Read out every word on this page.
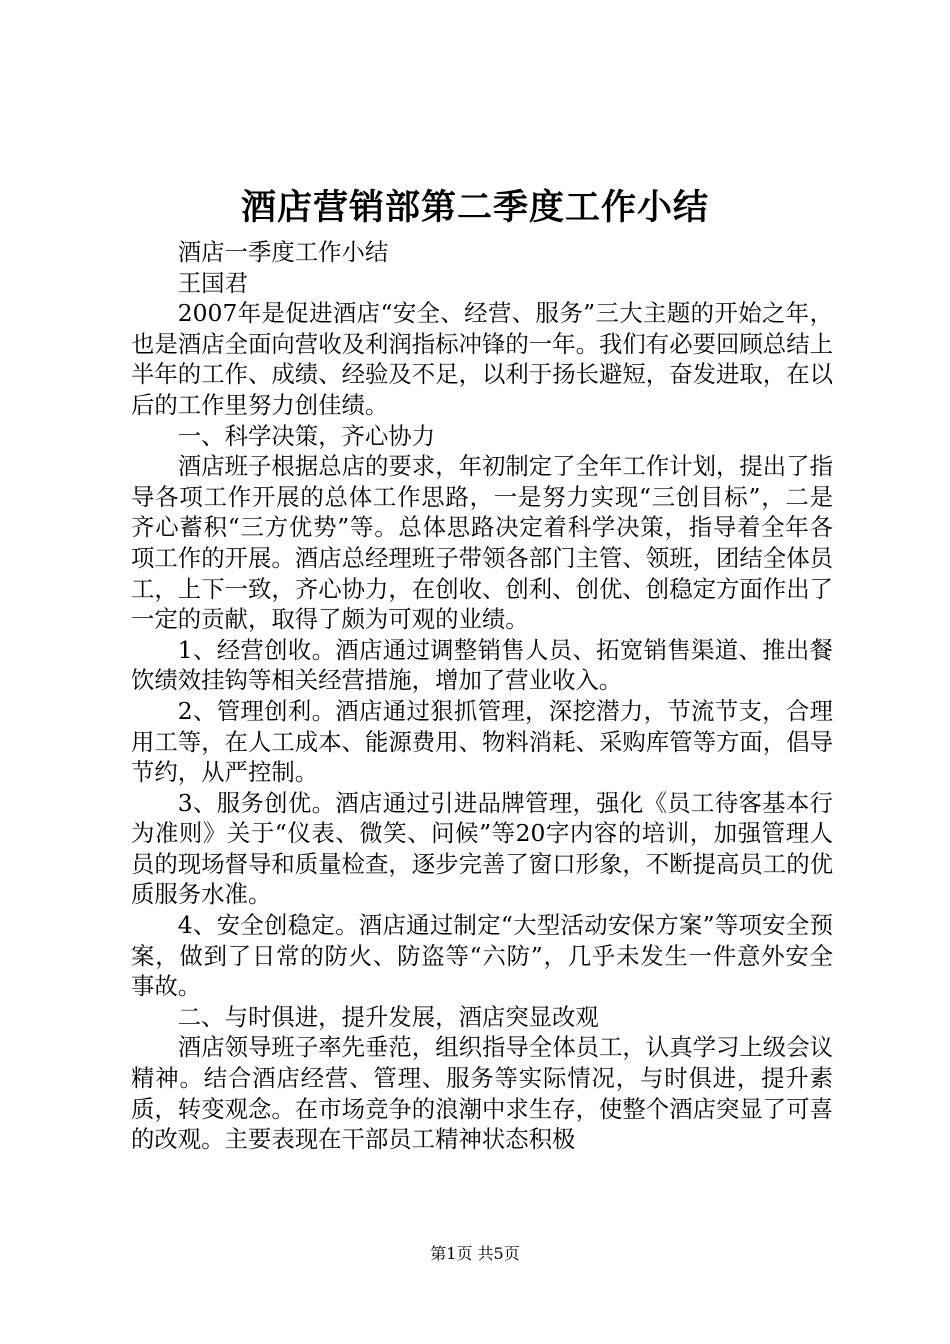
酒店营销部第二季度工作小结

酒店一季度工作小结

王国君

2007年是促进酒店“安全、经营、服务”三大主题的开始之年，也是酒店全面向营收及利润指标冲锋的一年。我们有必要回顾总结上半年的工作、成绩、经验及不足，以利于扬长避短，奋发进取，在以后的工作里努力创佳绩。

一、科学决策，齐心协力

酒店班子根据总店的要求，年初制定了全年工作计划，提出了指导各项工作开展的总体工作思路，一是努力实现“三创目标”，二是齐心蓄积“三方优势”等。总体思路决定着科学决策，指导着全年各项工作的开展。酒店总经理班子带领各部门主管、领班，团结全体员工，上下一致，齐心协力，在创收、创利、创优、创稳定方面作出了一定的贡献，取得了颇为可观的业绩。

1、经营创收。酒店通过调整销售人员、拓宽销售渠道、推出餐饮绩效挂钩等相关经营措施，增加了营业收入。

2、管理创利。酒店通过狠抓管理，深挖潜力，节流节支，合理用工等，在人工成本、能源费用、物料消耗、采购库管等方面，倡导节约，从严控制。

3、服务创优。酒店通过引进品牌管理，强化《员工待客基本行为准则》关于“仪表、微笑、问候”等20字内容的培训，加强管理人员的现场督导和质量检查，逐步完善了窗口形象，不断提高员工的优质服务水准。

4、安全创稳定。酒店通过制定“大型活动安保方案”等项安全预案，做到了日常的防火、防盗等“六防”，几乎未发生一件意外安全事故。

二、与时俱进，提升发展，酒店突显改观

酒店领导班子率先垂范，组织指导全体员工，认真学习上级会议精神。结合酒店经营、管理、服务等实际情况，与时俱进，提升素质，转变观念。在市场竞争的浪潮中求生存，使整个酒店突显了可喜的改观。主要表现在干部员工精神状态积极

第1页 共5页
